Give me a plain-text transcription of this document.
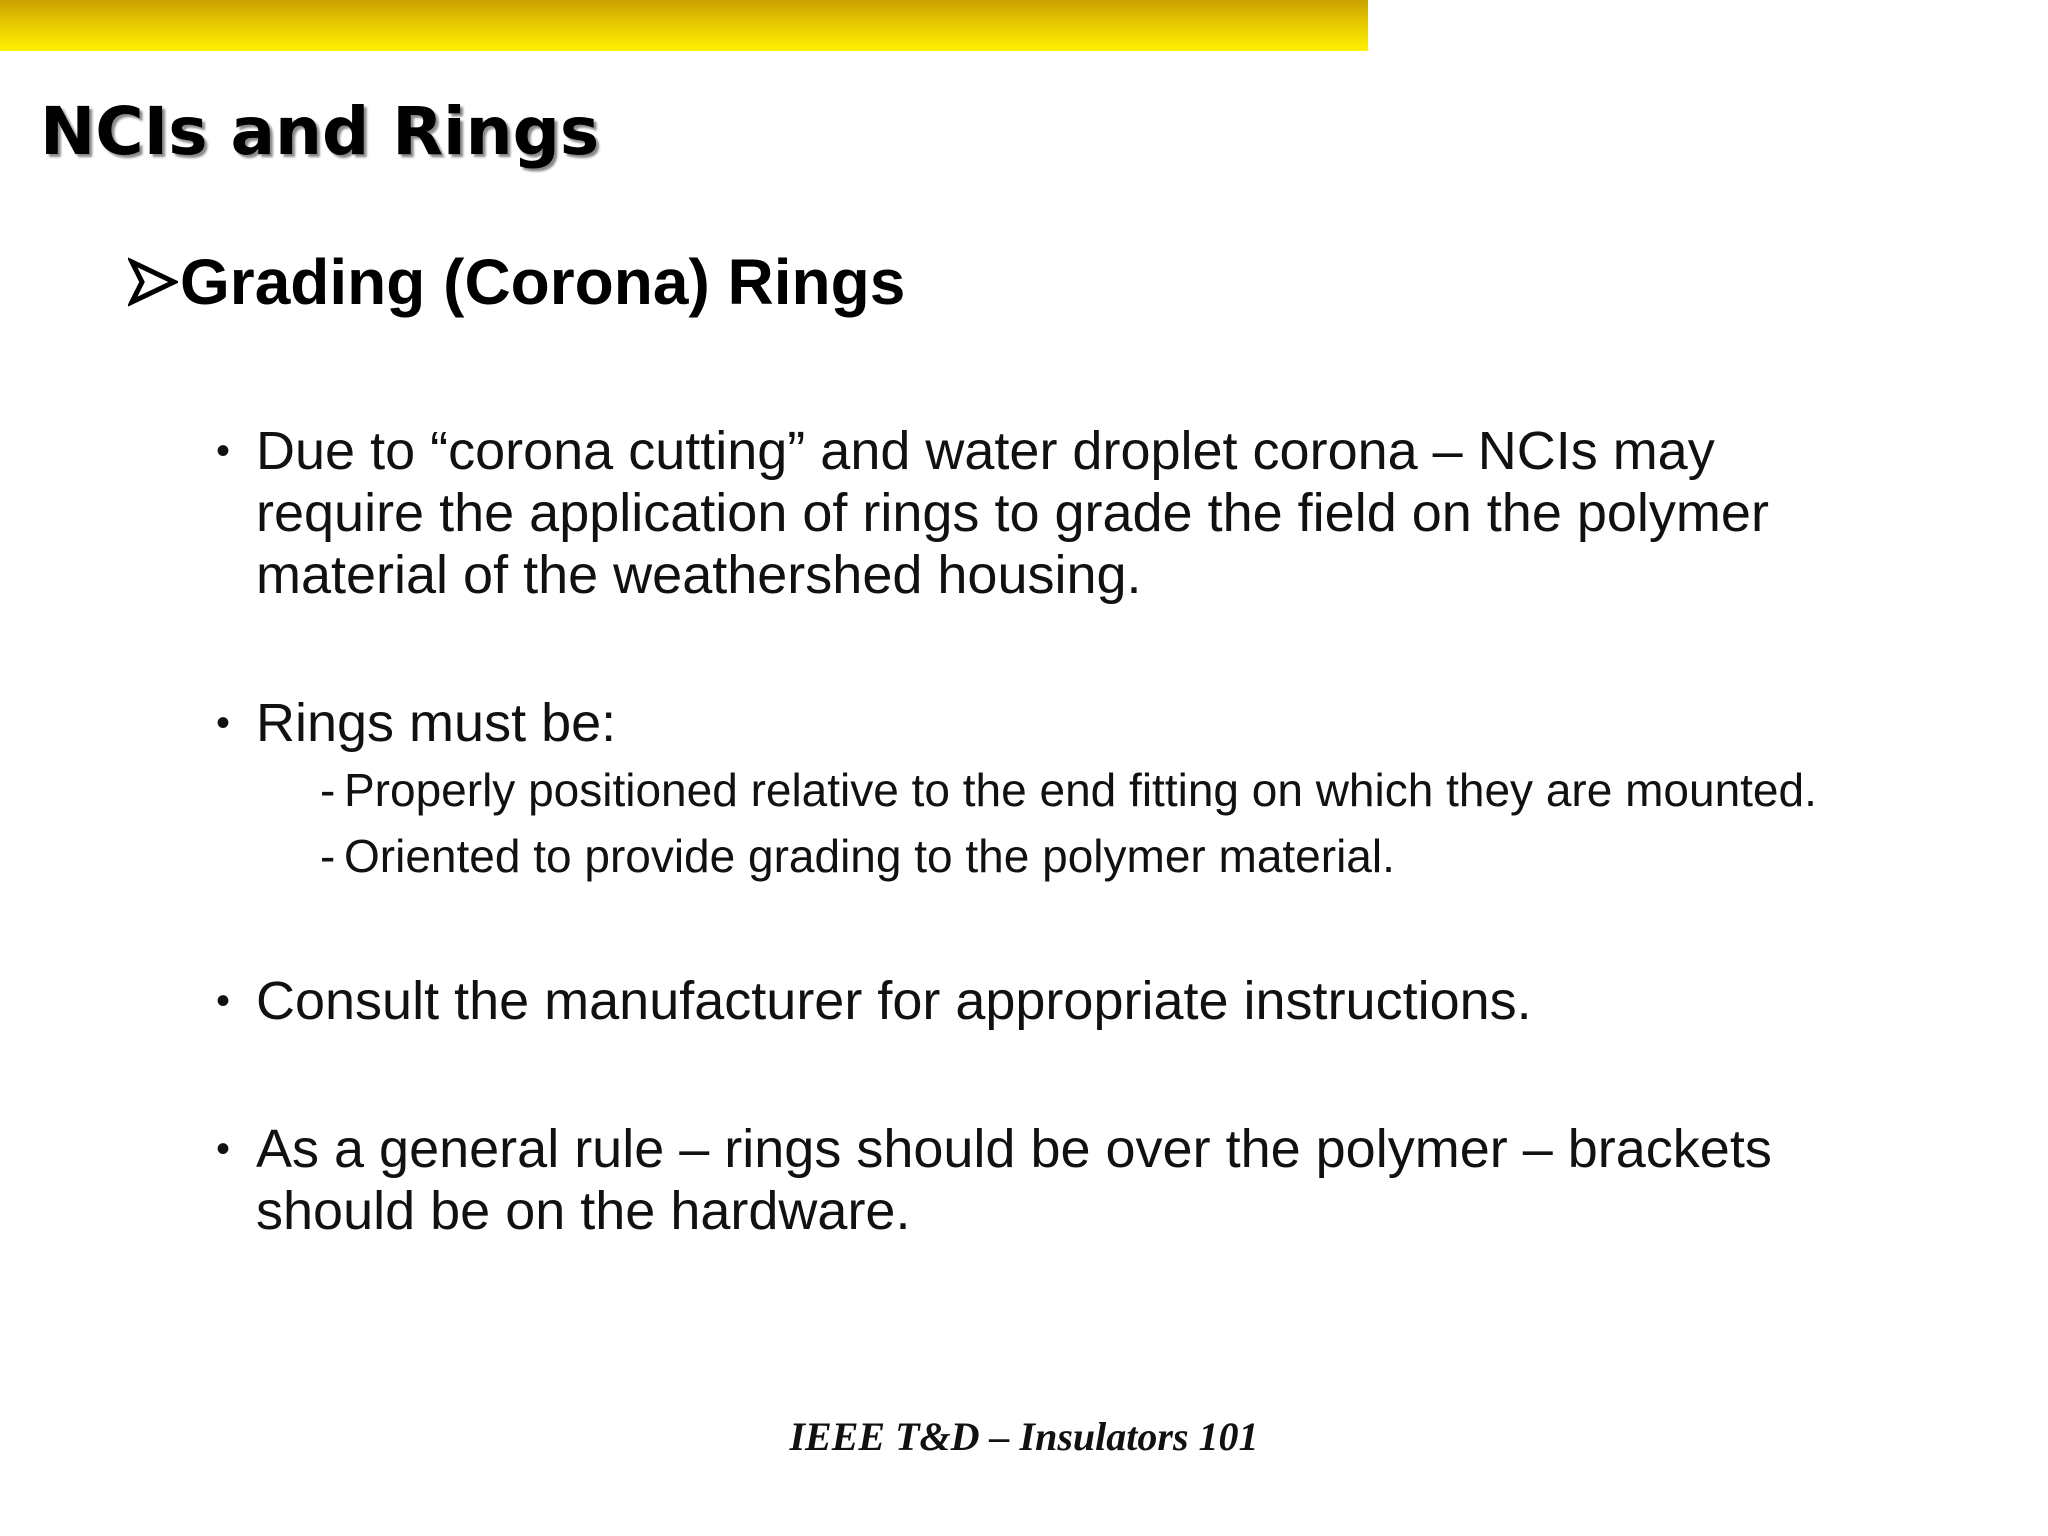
NCIs and Rings
Grading (Corona) Rings
• Due to “corona cutting” and water droplet corona – NCIs may require the application of rings to grade the field on the polymer material of the weathershed housing.
• Rings must be:
- Properly positioned relative to the end fitting on which they are mounted.
- Oriented to provide grading to the polymer material.
• Consult the manufacturer for appropriate instructions.
• As a general rule – rings should be over the polymer – brackets should be on the hardware.
IEEE T&D – Insulators 101
